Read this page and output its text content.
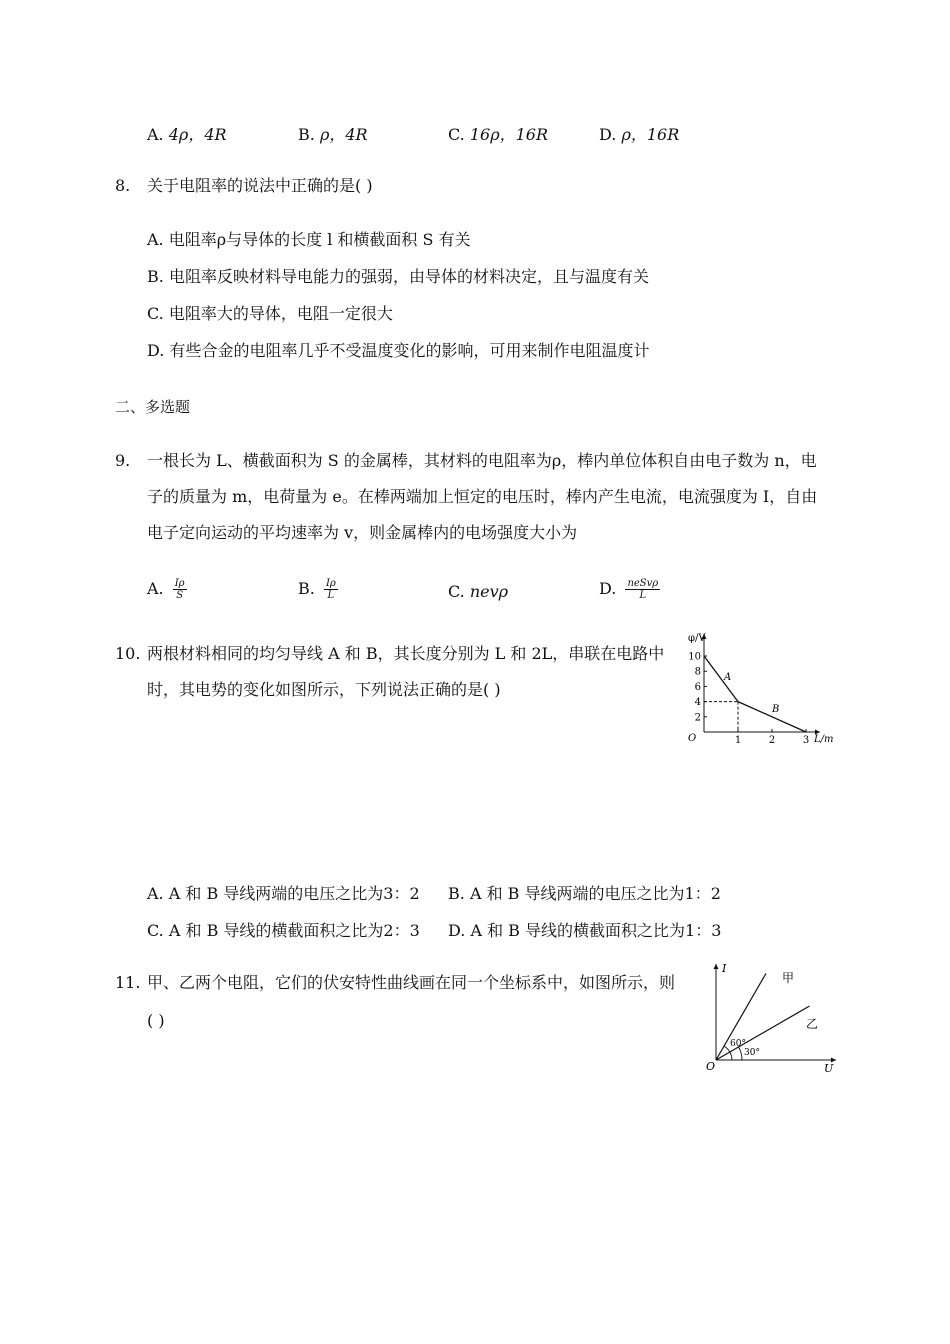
A. 4ρ，4R	B. ρ，4R	C. 16ρ，16R	D. ρ，16R
8. 关于电阻率的说法中正确的是( )
A. 电阻率ρ与导体的长度 l 和横截面积 S 有关
B. 电阻率反映材料导电能力的强弱，由导体的材料决定，且与温度有关
C. 电阻率大的导体，电阻一定很大
D. 有些合金的电阻率几乎不受温度变化的影响，可用来制作电阻温度计
二、多选题
9. 一根长为 L、横截面积为 S 的金属棒，其材料的电阻率为ρ，棒内单位体积自由电子数为 n，电
子的质量为 m，电荷量为 e。在棒两端加上恒定的电压时，棒内产生电流，电流强度为 I，自由
电子定向运动的平均速率为 v，则金属棒内的电场强度大小为
A. $\frac{I\rho}{S}$	B. $\frac{I\rho}{L}$	C. nevρ	D. $\frac{\text{neSvρ}}{L}$
10. 两根材料相同的均匀导线 A 和 B，其长度分别为 L 和 2L，串联在电路中
时，其电势的变化如图所示，下列说法正确的是( )
2
4
6
8
10
1	2	3
φ/V
L/m
O
A
B
A. A 和 B 导线两端的电压之比为3：2 B. A 和 B 导线两端的电压之比为1：2
C. A 和 B 导线的横截面积之比为2：3 D. A 和 B 导线的横截面积之比为1：3
11. 甲、乙两个电阻，它们的伏安特性曲线画在同一个坐标系中，如图所示，则
( )
I
U
O
甲
乙
60°
30°
